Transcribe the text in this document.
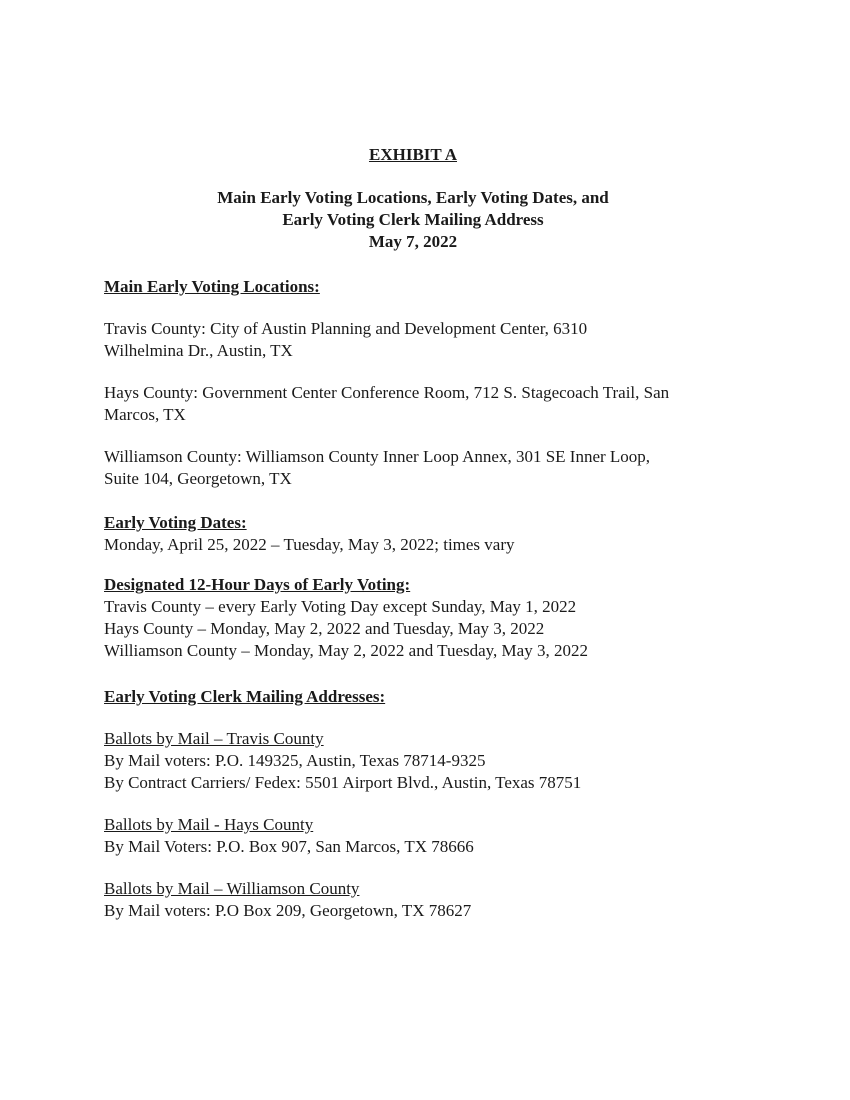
EXHIBIT A
Main Early Voting Locations, Early Voting Dates, and
Early Voting Clerk Mailing Address
May 7, 2022
Main Early Voting Locations:
Travis County: City of Austin Planning and Development Center, 6310
Wilhelmina Dr., Austin, TX
Hays County: Government Center Conference Room, 712 S. Stagecoach Trail, San
Marcos, TX
Williamson County: Williamson County Inner Loop Annex, 301 SE Inner Loop,
Suite 104, Georgetown, TX
Early Voting Dates:
Monday, April 25, 2022 – Tuesday, May 3, 2022; times vary
Designated 12-Hour Days of Early Voting:
Travis County – every Early Voting Day except Sunday, May 1, 2022
Hays County – Monday, May 2, 2022 and Tuesday, May 3, 2022
Williamson County – Monday, May 2, 2022 and Tuesday, May 3, 2022
Early Voting Clerk Mailing Addresses:
Ballots by Mail – Travis County
By Mail voters: P.O. 149325, Austin, Texas 78714-9325
By Contract Carriers/ Fedex: 5501 Airport Blvd., Austin, Texas 78751
Ballots by Mail - Hays County
By Mail Voters: P.O. Box 907, San Marcos, TX 78666
Ballots by Mail – Williamson County
By Mail voters: P.O Box 209, Georgetown, TX 78627
